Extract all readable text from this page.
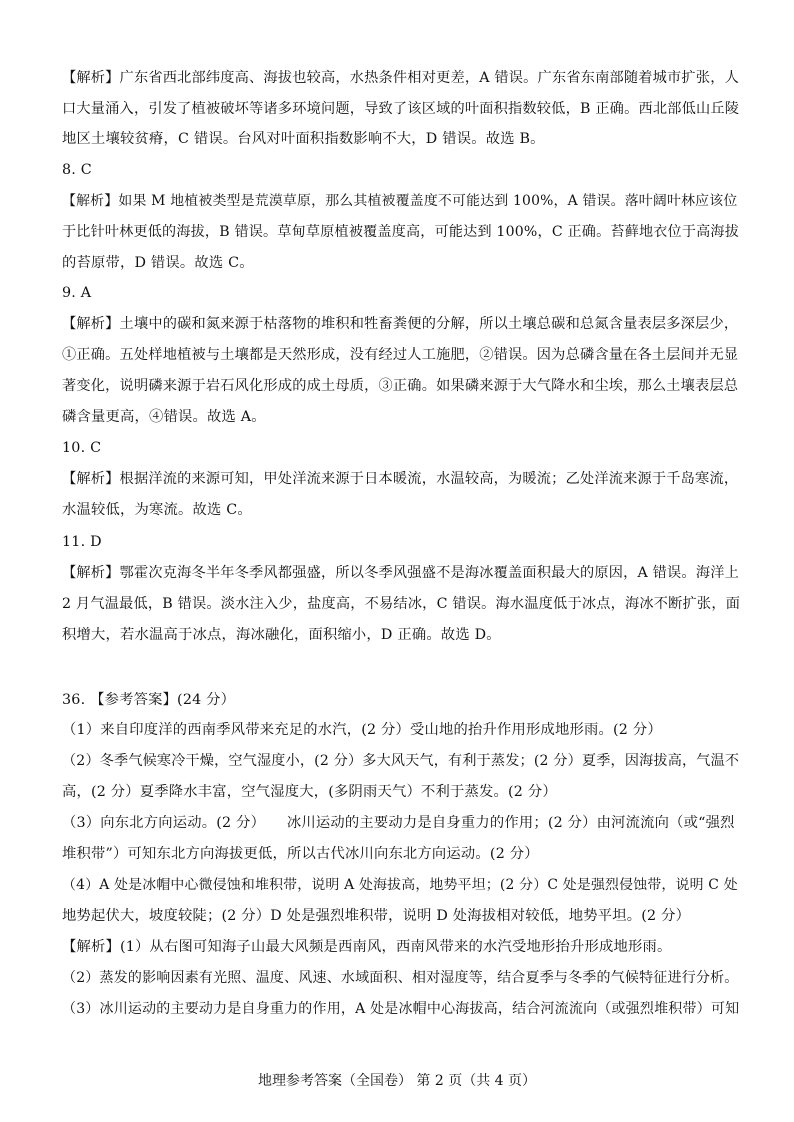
【解析】广东省西北部纬度高、海拔也较高，水热条件相对更差，A 错误。广东省东南部随着城市扩张，人
口大量涌入，引发了植被破坏等诸多环境问题，导致了该区域的叶面积指数较低，B 正确。西北部低山丘陵
地区土壤较贫瘠，C 错误。台风对叶面积指数影响不大，D 错误。故选 B。
8. C
【解析】如果 M 地植被类型是荒漠草原，那么其植被覆盖度不可能达到 100%，A 错误。落叶阔叶林应该位
于比针叶林更低的海拔，B 错误。草甸草原植被覆盖度高，可能达到 100%，C 正确。苔藓地衣位于高海拔
的苔原带，D 错误。故选 C。
9. A
【解析】土壤中的碳和氮来源于枯落物的堆积和牲畜粪便的分解，所以土壤总碳和总氮含量表层多深层少，
①正确。五处样地植被与土壤都是天然形成，没有经过人工施肥，②错误。因为总磷含量在各土层间并无显
著变化，说明磷来源于岩石风化形成的成土母质，③正确。如果磷来源于大气降水和尘埃，那么土壤表层总
磷含量更高，④错误。故选 A。
10. C
【解析】根据洋流的来源可知，甲处洋流来源于日本暖流，水温较高，为暖流；乙处洋流来源于千岛寒流，
水温较低，为寒流。故选 C。
11. D
【解析】鄂霍次克海冬半年冬季风都强盛，所以冬季风强盛不是海冰覆盖面积最大的原因，A 错误。海洋上
2 月气温最低，B 错误。淡水注入少，盐度高，不易结冰，C 错误。海水温度低于冰点，海冰不断扩张，面
积增大，若水温高于冰点，海冰融化，面积缩小，D 正确。故选 D。
36. 【参考答案】(24 分）
（1）来自印度洋的西南季风带来充足的水汽，(2 分）受山地的抬升作用形成地形雨。(2 分）
（2）冬季气候寒冷干燥，空气湿度小，(2 分）多大风天气，有利于蒸发；(2 分）夏季，因海拔高，气温不
高，(2 分）夏季降水丰富，空气湿度大，(多阴雨天气）不利于蒸发。(2 分）
（3）向东北方向运动。(2 分）　　冰川运动的主要动力是自身重力的作用；(2 分）由河流流向（或“强烈
堆积带”）可知东北方向海拔更低，所以古代冰川向东北方向运动。(2 分）
（4）A 处是冰帽中心微侵蚀和堆积带，说明 A 处海拔高，地势平坦；(2 分）C 处是强烈侵蚀带，说明 C 处
地势起伏大，坡度较陡；(2 分）D 处是强烈堆积带，说明 D 处海拔相对较低，地势平坦。(2 分）
【解析】(1）从右图可知海子山最大风频是西南风，西南风带来的水汽受地形抬升形成地形雨。
（2）蒸发的影响因素有光照、温度、风速、水域面积、相对湿度等，结合夏季与冬季的气候特征进行分析。
（3）冰川运动的主要动力是自身重力的作用，A 处是冰帽中心海拔高，结合河流流向（或强烈堆积带）可知
地理参考答案（全国卷） 第 2 页（共 4 页）
